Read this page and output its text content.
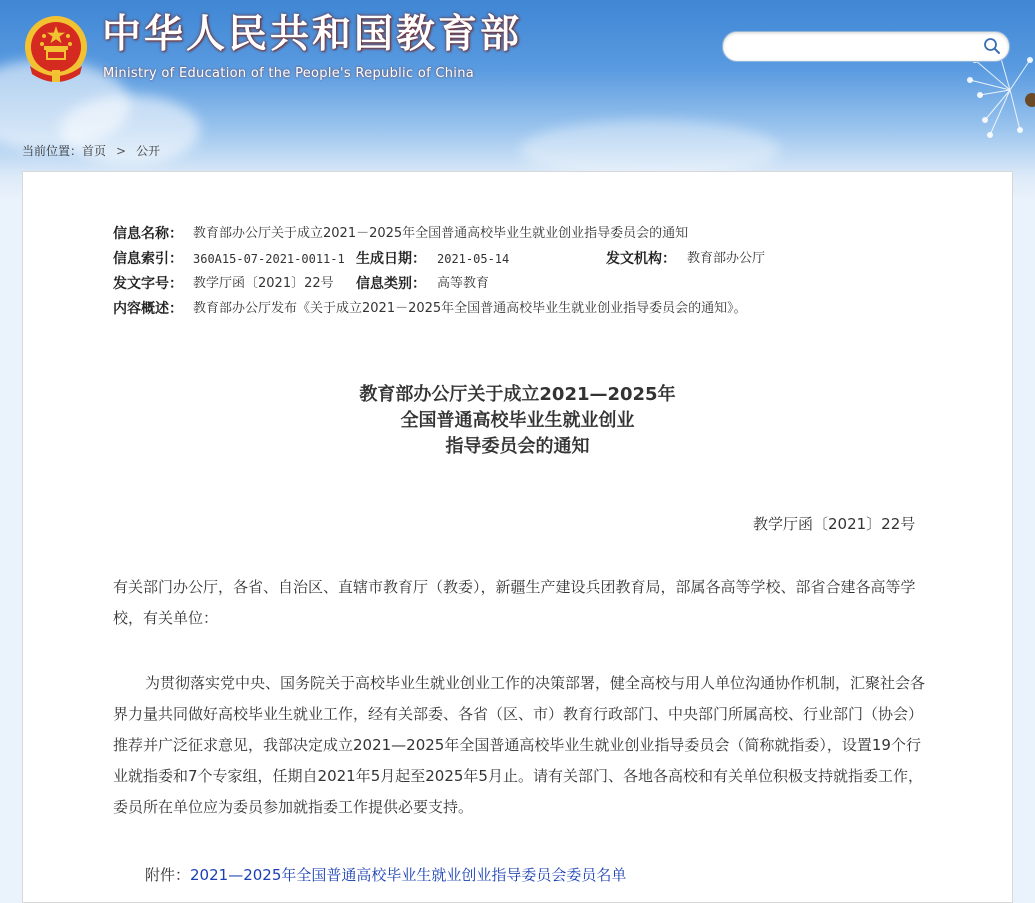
中华人民共和国教育部
Ministry of Education of the People's Republic of China
当前位置：首页 > 公开
信息名称： 教育部办公厅关于成立2021－2025年全国普通高校毕业生就业创业指导委员会的通知
信息索引： 360A15-07-2021-0011-1 生成日期： 2021-05-14	发文机构： 教育部办公厅
发文字号： 教学厅函〔2021〕22号 信息类别： 高等教育
内容概述： 教育部办公厅发布《关于成立2021－2025年全国普通高校毕业生就业创业指导委员会的通知》。
教育部办公厅关于成立2021—2025年
全国普通高校毕业生就业创业
指导委员会的通知
教学厅函〔2021〕22号
有关部门办公厅，各省、自治区、直辖市教育厅（教委），新疆生产建设兵团教育局，部属各高等学校、部省合建各高等学校，有关单位：
为贯彻落实党中央、国务院关于高校毕业生就业创业工作的决策部署，健全高校与用人单位沟通协作机制，汇聚社会各界力量共同做好高校毕业生就业工作，经有关部委、各省（区、市）教育行政部门、中央部门所属高校、行业部门（协会）推荐并广泛征求意见，我部决定成立2021—2025年全国普通高校毕业生就业创业指导委员会（简称就指委），设置19个行业就指委和7个专家组，任期自2021年5月起至2025年5月止。请有关部门、各地各高校和有关单位积极支持就指委工作，委员所在单位应为委员参加就指委工作提供必要支持。
附件：2021—2025年全国普通高校毕业生就业创业指导委员会委员名单
